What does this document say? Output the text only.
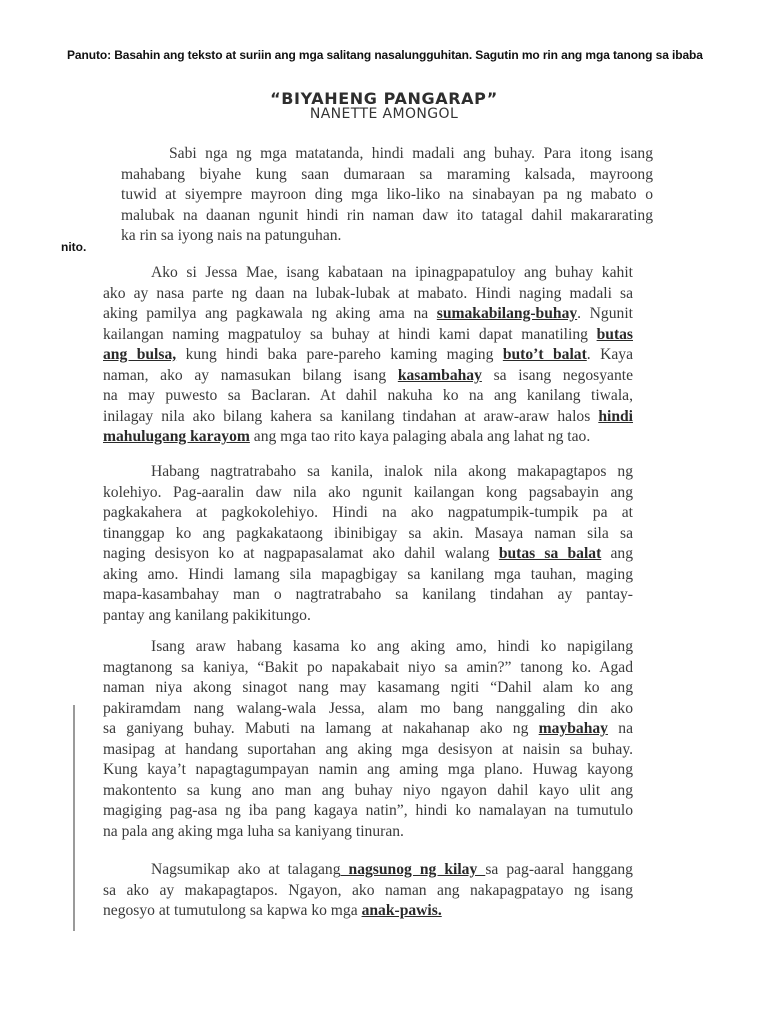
Panuto: Basahin ang teksto at suriin ang mga salitang nasalungguhitan. Sagutin mo rin ang mga tanong sa ibaba
“BIYAHENG PANGARAP”
NANETTE AMONGOL
Sabi nga ng mga matatanda, hindi madali ang buhay. Para itong isang
mahabang biyahe kung saan dumaraan sa maraming kalsada, mayroong
tuwid at siyempre mayroon ding mga liko-liko na sinabayan pa ng mabato o
malubak na daanan ngunit hindi rin naman daw ito tatagal dahil makararating
ka rin sa iyong nais na patunguhan.
nito.
Ako si Jessa Mae, isang kabataan na ipinagpapatuloy ang buhay kahit
ako ay nasa parte ng daan na lubak-lubak at mabato. Hindi naging madali sa
aking pamilya ang pagkawala ng aking ama na sumakabilang-buhay. Ngunit
kailangan naming magpatuloy sa buhay at hindi kami dapat manatiling butas
ang bulsa, kung hindi baka pare-pareho kaming maging buto’t balat. Kaya
naman, ako ay namasukan bilang isang kasambahay sa isang negosyante
na may puwesto sa Baclaran. At dahil nakuha ko na ang kanilang tiwala,
inilagay nila ako bilang kahera sa kanilang tindahan at araw-araw halos hindi
mahulugang karayom ang mga tao rito kaya palaging abala ang lahat ng tao.
Habang nagtratrabaho sa kanila, inalok nila akong makapagtapos ng
kolehiyo. Pag-aaralin daw nila ako ngunit kailangan kong pagsabayin ang
pagkakahera at pagkokolehiyo. Hindi na ako nagpatumpik-tumpik pa at
tinanggap ko ang pagkakataong ibinibigay sa akin. Masaya naman sila sa
naging desisyon ko at nagpapasalamat ako dahil walang butas sa balat ang
aking amo. Hindi lamang sila mapagbigay sa kanilang mga tauhan, maging
mapa-kasambahay man o nagtratrabaho sa kanilang tindahan ay pantay-
pantay ang kanilang pakikitungo.
Isang araw habang kasama ko ang aking amo, hindi ko napigilang
magtanong sa kaniya, “Bakit po napakabait niyo sa amin?” tanong ko. Agad
naman niya akong sinagot nang may kasamang ngiti “Dahil alam ko ang
pakiramdam nang walang-wala Jessa, alam mo bang nanggaling din ako
sa ganiyang buhay. Mabuti na lamang at nakahanap ako ng maybahay na
masipag at handang suportahan ang aking mga desisyon at naisin sa buhay.
Kung kaya’t napagtagumpayan namin ang aming mga plano. Huwag kayong
makontento sa kung ano man ang buhay niyo ngayon dahil kayo ulit ang
magiging pag-asa ng iba pang kagaya natin”, hindi ko namalayan na tumutulo
na pala ang aking mga luha sa kaniyang tinuran.
Nagsumikap ako at talagang nagsunog ng kilay sa pag-aaral hanggang
sa ako ay makapagtapos. Ngayon, ako naman ang nakapagpatayo ng isang
negosyo at tumutulong sa kapwa ko mga anak-pawis.
